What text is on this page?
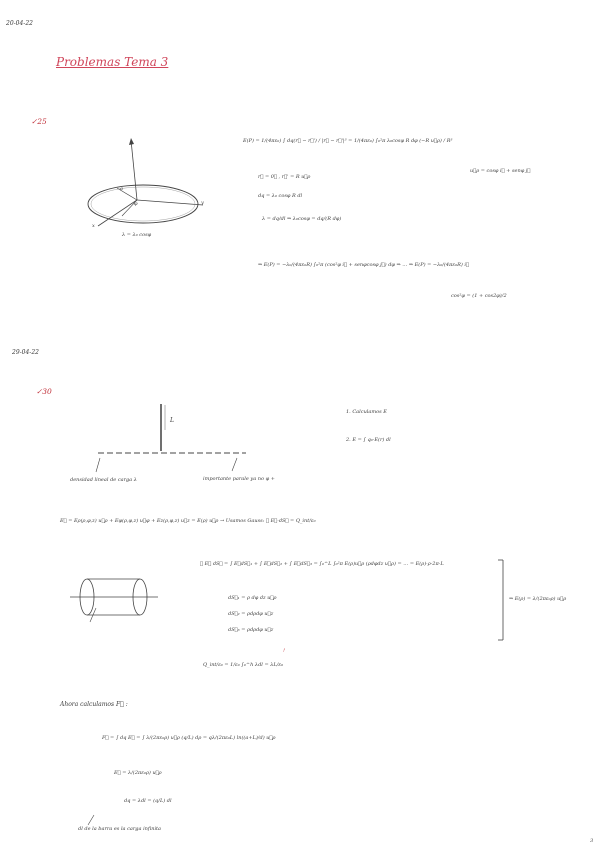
20-04-22
Problemas Tema 3
✓25
a
φ	y
x
λ = λ₀ cosφ
E(P) = 1/(4πε₀) ∫ dq(r⃗ − r⃗') / |r⃗ − r⃗'|³ = 1/(4πε₀) ∫₀²π λ₀cosφ R dφ (−R u⃗ρ) / R³
u⃗ρ = cosφ i⃗ + senφ j⃗
r⃗ = 0⃗ , r⃗' = R u⃗ρ
dq = λ₀ cosφ R dl
λ = dq/dl ⇒ λ₀cosφ = dq/(R dφ)
⇒ E(P) = −λ₀/(4πε₀R) ∫₀²π (cos²φ i⃗ + senφcosφ j⃗) dφ ⇒ … ⇒ E(P) = −λ₀/(4πε₀R) i⃗
cos²φ = (1 + cos2φ)/2
29-04-22
✓30
L
densidad lineal de carga λ	importante parale ya no φ +
1. Calculamos E
2. E = ∫ q₀·E(r) dl
E⃗ = Eρ(ρ,φ,z) u⃗ρ + Eφ(ρ,φ,z) u⃗φ + Ez(ρ,φ,z) u⃗z = E(ρ) u⃗ρ → Usamos Gauss: ∮ E⃗·dS⃗ = Q_int/ε₀
∮ E⃗ dS⃗ = ∫ E⃗dS⃗₁ + ∫ E⃗dS⃗₂ + ∫ E⃗dS⃗₃ = ∫₀^L ∫₀²π E(ρ)u⃗ρ (ρdφdz u⃗ρ) = … = E(ρ)·ρ·2π·L
dS⃗₁ = ρ dφ dz u⃗ρ
dS⃗₂ = ρdρdφ u⃗z
dS⃗₃ = ρdρdφ u⃗z
Q_int/ε₀ = 1/ε₀ ∫₀^h λdl = λL/ε₀
!
⇒ E(ρ) = λ/(2πε₀ρ) u⃗ρ
Ahora calculamos F⃗ :
F⃗ = ∫ dq E⃗ = ∫ λ/(2πε₀ρ) u⃗ρ (q/L) dρ = qλ/(2πε₀L) ln((a+L)/d) u⃗ρ
E⃗ = λ/(2πε₀ρ) u⃗ρ
dq = λdl = (q/L) dl
dl de la barra es la carga infinita
3
